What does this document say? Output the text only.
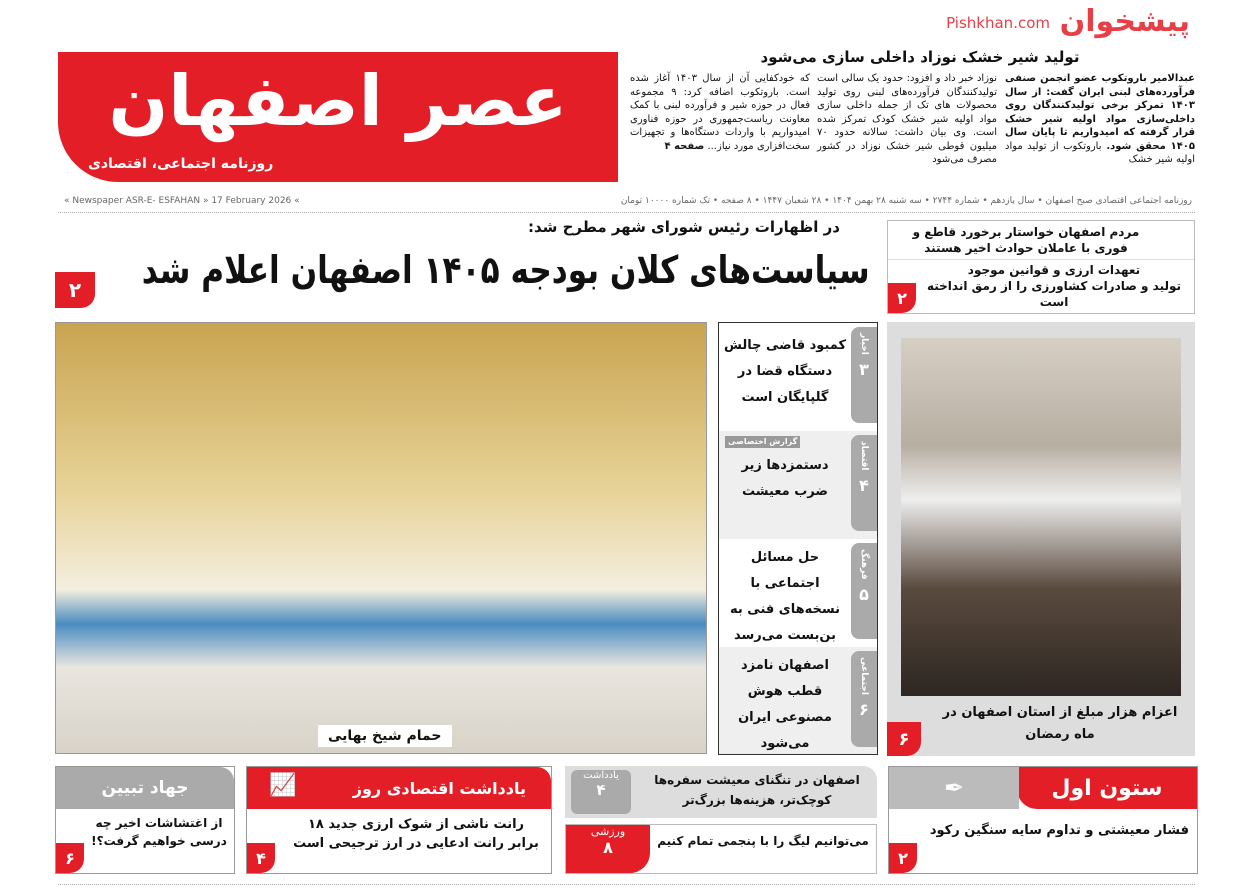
پیشخوان
Pishkhan.com
عصر اصفهان
روزنامه اجتماعی، اقتصادی
تولید شیر خشک نوزاد داخلی سازی می‌شود
عبدالامیر باروتکوب عضو انجمن صنفی فرآورده‌های لبنی ایران گفت: از سال ۱۴۰۳ تمرکز برخی تولیدکنندگان روی داخلی‌سازی مواد اولیه شیر خشک قرار گرفته که امیدواریم تا پایان سال ۱۴۰۵ محقق شود. باروتکوب از تولید مواد اولیه شیر خشک
نوزاد خبر داد و افزود: حدود یک سالی است تولیدکنندگان فرآورده‌های لبنی روی تولید محصولات های تک از جمله داخلی سازی مواد اولیه شیر خشک کودک تمرکز شده است. وی بیان داشت: سالانه حدود ۷۰ میلیون قوطی شیر خشک نوزاد در کشور مصرف می‌شود
که خودکفایی آن از سال ۱۴۰۳ آغاز شده است. باروتکوب اضافه کرد: ۹ مجموعه فعال در حوزه شیر و فرآورده لبنی با کمک معاونت ریاست‌جمهوری در حوزه فناوری امیدواریم با واردات دستگاه‌ها و تجهیزات سخت‌افزاری مورد نیاز... صفحه ۴
روزنامه اجتماعی اقتصادی صبح اصفهان • سال یازدهم • شماره ۲۷۴۴ • سه شنبه ۲۸ بهمن ۱۴۰۴ • ۲۸ شعبان ۱۴۴۷ • ۸ صفحه • تک شماره ۱۰۰۰۰ تومان
« Newspaper ASR-E- ESFAHAN » 17 February 2026 «
در اظهارات رئیس شورای شهر مطرح شد:
سیاست‌های کلان بودجه ۱۴۰۵ اصفهان اعلام شد
۲
مردم اصفهان خواستار برخورد قاطع و فوری با عاملان حوادث اخیر هستند
تعهدات ارزی و قوانین موجود
تولید و صادرات کشاورزی را از رمق انداخته است
۲
حمام شیخ بهایی
کمبود قاضی چالش دستگاه قضا در گلپایگان است
اخبار
۳
گزارش اختصاصی
دستمزدها زیر ضرب معیشت
اقتصاد
۴
حل مسائل اجتماعی با نسخه‌های فنی به بن‌بست می‌رسد
فرهنگ
۵
اصفهان نامزد قطب هوش مصنوعی ایران می‌شود
اجتماعی
۶	اعزام هزار مبلغ از استان اصفهان در ماه رمضان
۶
ستون اول
✒
فشار معیشتی و تداوم سایه سنگین رکود
۲
اصفهان در تنگنای معیشت سفره‌ها کوچک‌تر، هزینه‌ها بزرگ‌تر
یادداشت
۴
ورزشی
۸	می‌توانیم لیگ را با پنجمی تمام کنیم
یادداشت اقتصادی روز
📈
رانت ناشی از شوک ارزی جدید ۱۸ برابر رانت ادعایی در ارز ترجیحی است
۴
جهاد تبیین
از اغتشاشات اخیر چه درسی خواهیم گرفت؟!
۶
